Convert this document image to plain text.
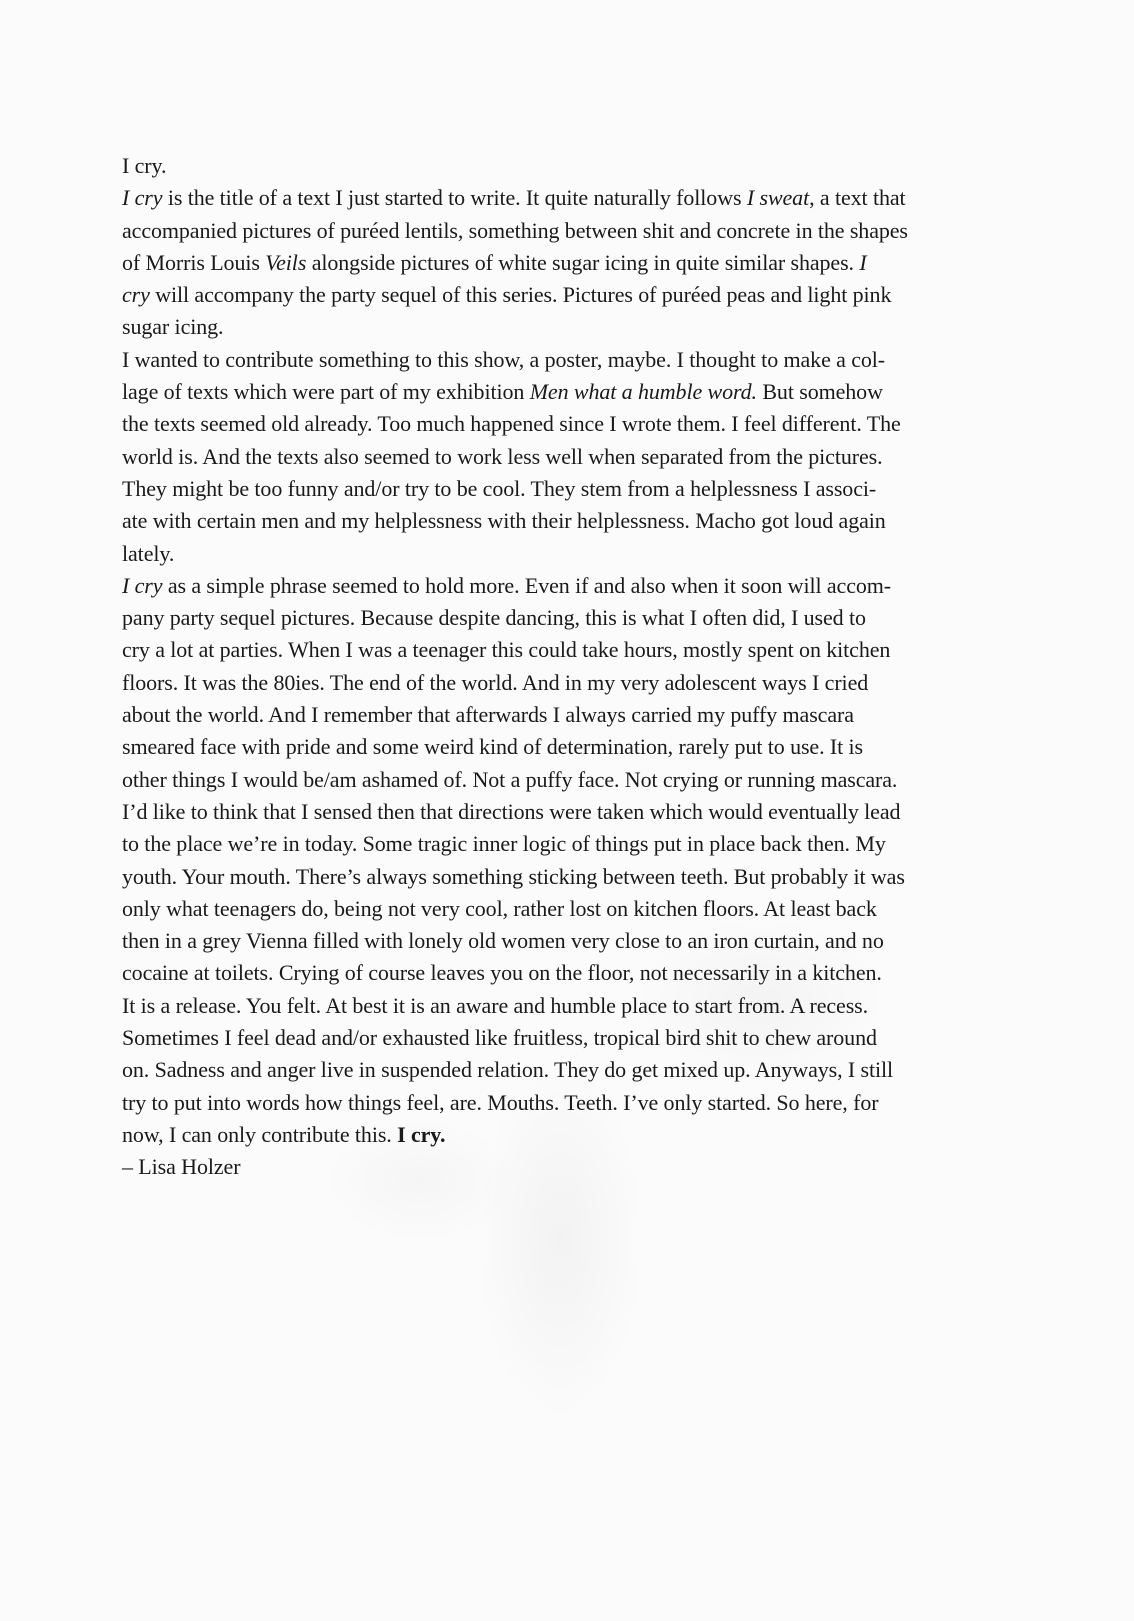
I cry.
I cry is the title of a text I just started to write. It quite naturally follows I sweat, a text that
accompanied pictures of puréed lentils, something between shit and concrete in the shapes
of Morris Louis Veils alongside pictures of white sugar icing in quite similar shapes. I
cry will accompany the party sequel of this series. Pictures of puréed peas and light pink
sugar icing.
I wanted to contribute something to this show, a poster, maybe. I thought to make a col-
lage of texts which were part of my exhibition Men what a humble word. But somehow
the texts seemed old already. Too much happened since I wrote them. I feel different. The
world is. And the texts also seemed to work less well when separated from the pictures.
They might be too funny and/or try to be cool. They stem from a helplessness I associ-
ate with certain men and my helplessness with their helplessness. Macho got loud again
lately.
I cry as a simple phrase seemed to hold more. Even if and also when it soon will accom-
pany party sequel pictures. Because despite dancing, this is what I often did, I used to
cry a lot at parties. When I was a teenager this could take hours, mostly spent on kitchen
floors. It was the 80ies. The end of the world. And in my very adolescent ways I cried
about the world. And I remember that afterwards I always carried my puffy mascara
smeared face with pride and some weird kind of determination, rarely put to use. It is
other things I would be/am ashamed of. Not a puffy face. Not crying or running mascara.
I’d like to think that I sensed then that directions were taken which would eventually lead
to the place we’re in today. Some tragic inner logic of things put in place back then. My
youth. Your mouth. There’s always something sticking between teeth. But probably it was
only what teenagers do, being not very cool, rather lost on kitchen floors. At least back
then in a grey Vienna filled with lonely old women very close to an iron curtain, and no
cocaine at toilets. Crying of course leaves you on the floor, not necessarily in a kitchen.
It is a release. You felt. At best it is an aware and humble place to start from. A recess.
Sometimes I feel dead and/or exhausted like fruitless, tropical bird shit to chew around
on. Sadness and anger live in suspended relation. They do get mixed up. Anyways, I still
try to put into words how things feel, are. Mouths. Teeth. I’ve only started. So here, for
now, I can only contribute this. I cry.
– Lisa Holzer
